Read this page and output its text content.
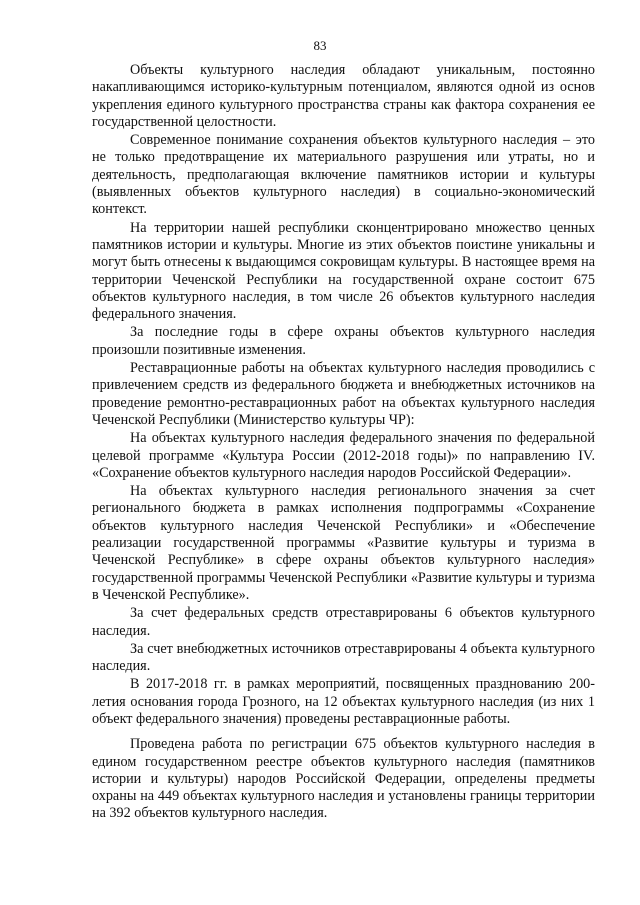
83

Объекты культурного наследия обладают уникальным, постоянно накапливающимся историко-культурным потенциалом, являются одной из основ укрепления единого культурного пространства страны как фактора сохранения ее государственной целостности.

Современное понимание сохранения объектов культурного наследия – это не только предотвращение их материального разрушения или утраты, но и деятельность, предполагающая включение памятников истории и культуры (выявленных объектов культурного наследия) в социально-экономический контекст.

На территории нашей республики сконцентрировано множество ценных памятников истории и культуры. Многие из этих объектов поистине уникальны и могут быть отнесены к выдающимся сокровищам культуры. В настоящее время на территории Чеченской Республики на государственной охране состоит 675 объектов культурного наследия, в том числе 26 объектов культурного наследия федерального значения.

За последние годы в сфере охраны объектов культурного наследия произошли позитивные изменения.

Реставрационные работы на объектах культурного наследия проводились с привлечением средств из федерального бюджета и внебюджетных источников на проведение ремонтно-реставрационных работ на объектах культурного наследия Чеченской Республики (Министерство культуры ЧР):

На объектах культурного наследия федерального значения по федеральной целевой программе «Культура России (2012-2018 годы)» по направлению IV. «Сохранение объектов культурного наследия народов Российской Федерации».

На объектах культурного наследия регионального значения за счет регионального бюджета в рамках исполнения подпрограммы «Сохранение объектов культурного наследия Чеченской Республики» и «Обеспечение реализации государственной программы «Развитие культуры и туризма в Чеченской Республике» в сфере охраны объектов культурного наследия» государственной программы Чеченской Республики «Развитие культуры и туризма в Чеченской Республике».

За счет федеральных средств отреставрированы 6 объектов культурного наследия.

За счет внебюджетных источников отреставрированы 4 объекта культурного наследия.

В 2017-2018 гг. в рамках мероприятий, посвященных празднованию 200-летия основания города Грозного, на 12 объектах культурного наследия (из них 1 объект федерального значения) проведены реставрационные работы.

Проведена работа по регистрации 675 объектов культурного наследия в едином государственном реестре объектов культурного наследия (памятников истории и культуры) народов Российской Федерации, определены предметы охраны на 449 объектах культурного наследия и установлены границы территории на 392 объектов культурного наследия.
